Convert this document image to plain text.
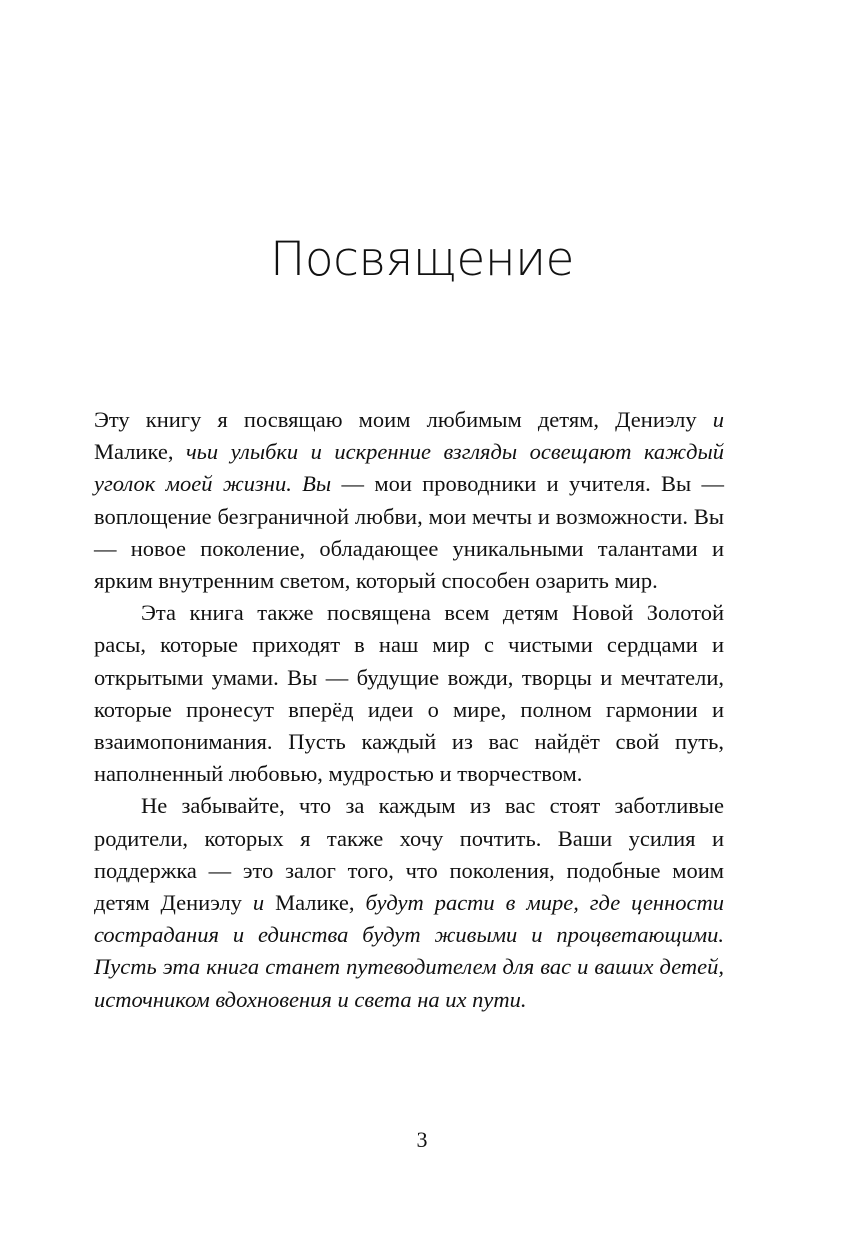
Посвящение

Эту книгу я посвящаю моим любимым детям, Дениэлу и Малике, чьи улыбки и искренние взгляды освещают каждый уголок моей жизни. Вы — мои проводники и учителя. Вы — воплощение безграничной любви, мои мечты и возможности. Вы — новое поколение, обладающее уникальными талантами и ярким внутренним светом, который способен озарить мир.

Эта книга также посвящена всем детям Новой Золотой расы, которые приходят в наш мир с чистыми сердцами и открытыми умами. Вы — будущие вожди, творцы и мечтатели, которые пронесут вперёд идеи о мире, полном гармонии и взаимопонимания. Пусть каждый из вас найдёт свой путь, наполненный любовью, мудростью и творчеством.

Не забывайте, что за каждым из вас стоят заботливые родители, которых я также хочу почтить. Ваши усилия и поддержка — это залог того, что поколения, подобные моим детям Дениэлу и Малике, будут расти в мире, где ценности сострадания и единства будут живыми и процветающими. Пусть эта книга станет путеводителем для вас и ваших детей, источником вдохновения и света на их пути.

3
